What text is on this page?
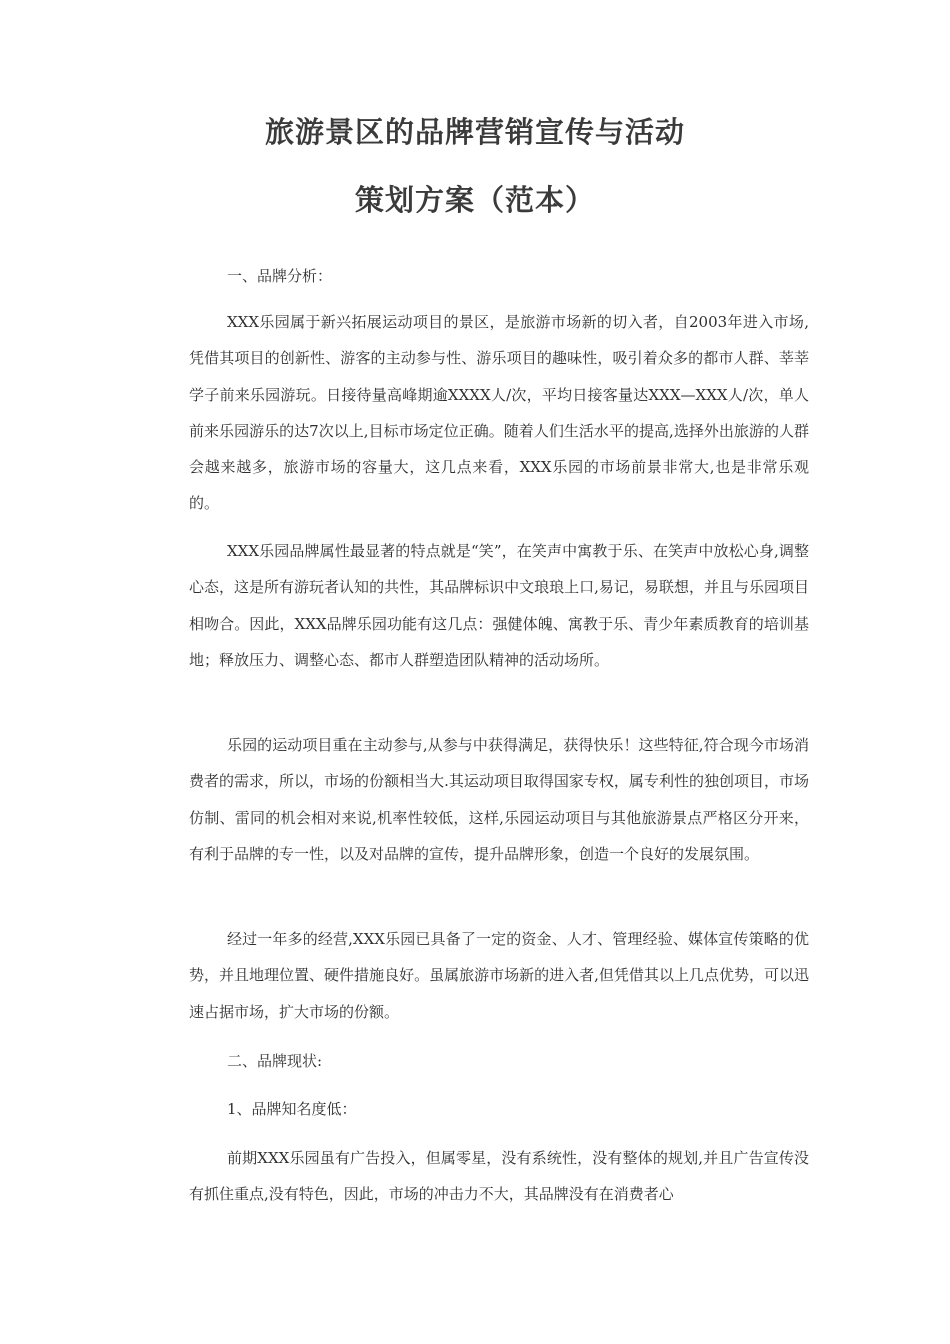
旅游景区的品牌营销宣传与活动
策划方案（范本）

一、品牌分析：

XXX乐园属于新兴拓展运动项目的景区，是旅游市场新的切入者，自2003年进入市场,凭借其项目的创新性、游客的主动参与性、游乐项目的趣味性，吸引着众多的都市人群、莘莘学子前来乐园游玩。日接待量高峰期逾XXXX人/次，平均日接客量达XXX—XXX人/次，单人前来乐园游乐的达7次以上,目标市场定位正确。随着人们生活水平的提高,选择外出旅游的人群会越来越多，旅游市场的容量大，这几点来看，XXX乐园的市场前景非常大,也是非常乐观的。

XXX乐园品牌属性最显著的特点就是“笑”，在笑声中寓教于乐、在笑声中放松心身,调整心态，这是所有游玩者认知的共性，其品牌标识中文琅琅上口,易记，易联想，并且与乐园项目相吻合。因此，XXX品牌乐园功能有这几点：强健体魄、寓教于乐、青少年素质教育的培训基地；释放压力、调整心态、都市人群塑造团队精神的活动场所。

乐园的运动项目重在主动参与,从参与中获得满足，获得快乐！这些特征,符合现今市场消费者的需求，所以，市场的份额相当大.其运动项目取得国家专权，属专利性的独创项目，市场仿制、雷同的机会相对来说,机率性较低，这样,乐园运动项目与其他旅游景点严格区分开来，有利于品牌的专一性，以及对品牌的宣传，提升品牌形象，创造一个良好的发展氛围。

经过一年多的经营,XXX乐园已具备了一定的资金、人才、管理经验、媒体宣传策略的优势，并且地理位置、硬件措施良好。虽属旅游市场新的进入者,但凭借其以上几点优势，可以迅速占据市场，扩大市场的份额。

二、品牌现状:

1、品牌知名度低：

前期XXX乐园虽有广告投入，但属零星，没有系统性，没有整体的规划,并且广告宣传没有抓住重点,没有特色，因此，市场的冲击力不大，其品牌没有在消费者心
